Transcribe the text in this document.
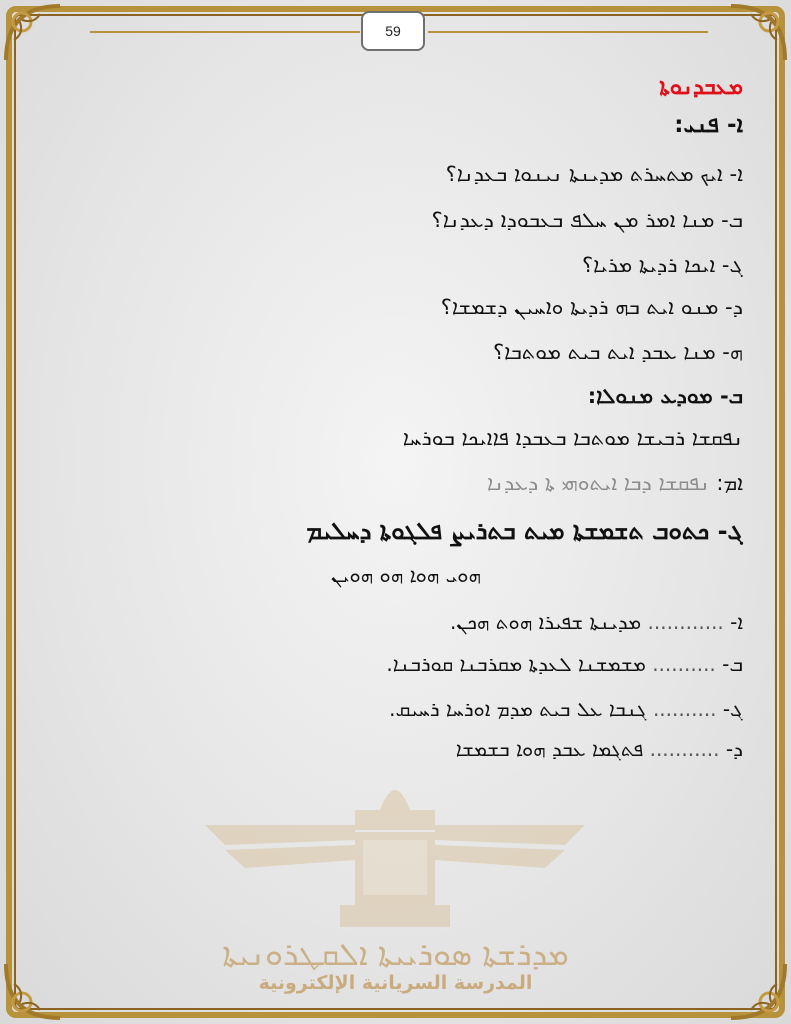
59
ܡܕܪܫܬܐ ܣܘܪܝܝܬܐ ܐܠܩܛܪܘܢܝܬܐ
المدرسة السريانية الإلكترونية
ܡܥܒܕܢܘܬܐ
ܐ- ܦܢܝ:
ܐ- ܐܝܟ ܡܬܚܪܬ ܡܕܝܢܬܐ ܢܝܢܘܐ ܒܥܕܢܐ؟
ܒ- ܡܢܐ ܐܡܪ ܡܢ ܚܠܦ ܒܥܒܘܕܐ ܕܥܕܢܐ؟
ܓ- ܐܝܟܐ ܪܕܝܬܐ ܡܪܝܐ؟
ܕ- ܡܢܘ ܐܝܬ ܒܗ ܪܕܝܬܐ ܘܐܚܝܢ ܕܫܡܫܐ؟
ܗ- ܡܢܐ ܥܒܕ ܐܝܬ ܒܝܬ ܡܘܬܒܐ؟
ܒ- ܡܘܕܥ ܡܢܘܠܐ:
ܢܦܩܫܐ ܪܒܝܫܐ ܡܘܬܒܐ ܒܥܒܕܐ ܦܐܐܝܟܐ ܒܘܪܚܐ
ܐܡ: ܢܦܩܫܐ ܕܒܐ ܐܝܬܘܗܝ ܬܐ ܕܥܕܢܐ
ܓ- ܟܬܘܒ ܬܫܡܫܬܐ ܡܝܬ ܒܬܪܝܨ ܦܠܓܘܬܐ ܕܚܠܝܡ
ܗܘܝ ܗܘܐ ܗܘ ܗܘܝܢ
ܐ- ............ ܡܕܝܢܬܐ ܫܦܝܪܐ ܗܘܬ ܗܟܢ.
ܒ- .......... ܡܫܡܫܢܐ ܠܥܕܬܐ ܡܩܪܒܢܐ ܩܘܪܒܢܐ.
ܓ- .......... ܓܢܒܐ ܥܠ ܒܝܬ ܡܕܡ ܐܘܪܚܐ ܪܚܝܩ.
ܕ- ........... ܦܬܓܡܐ ܥܒܕ ܗܘܐ ܒܫܡܫܐ
